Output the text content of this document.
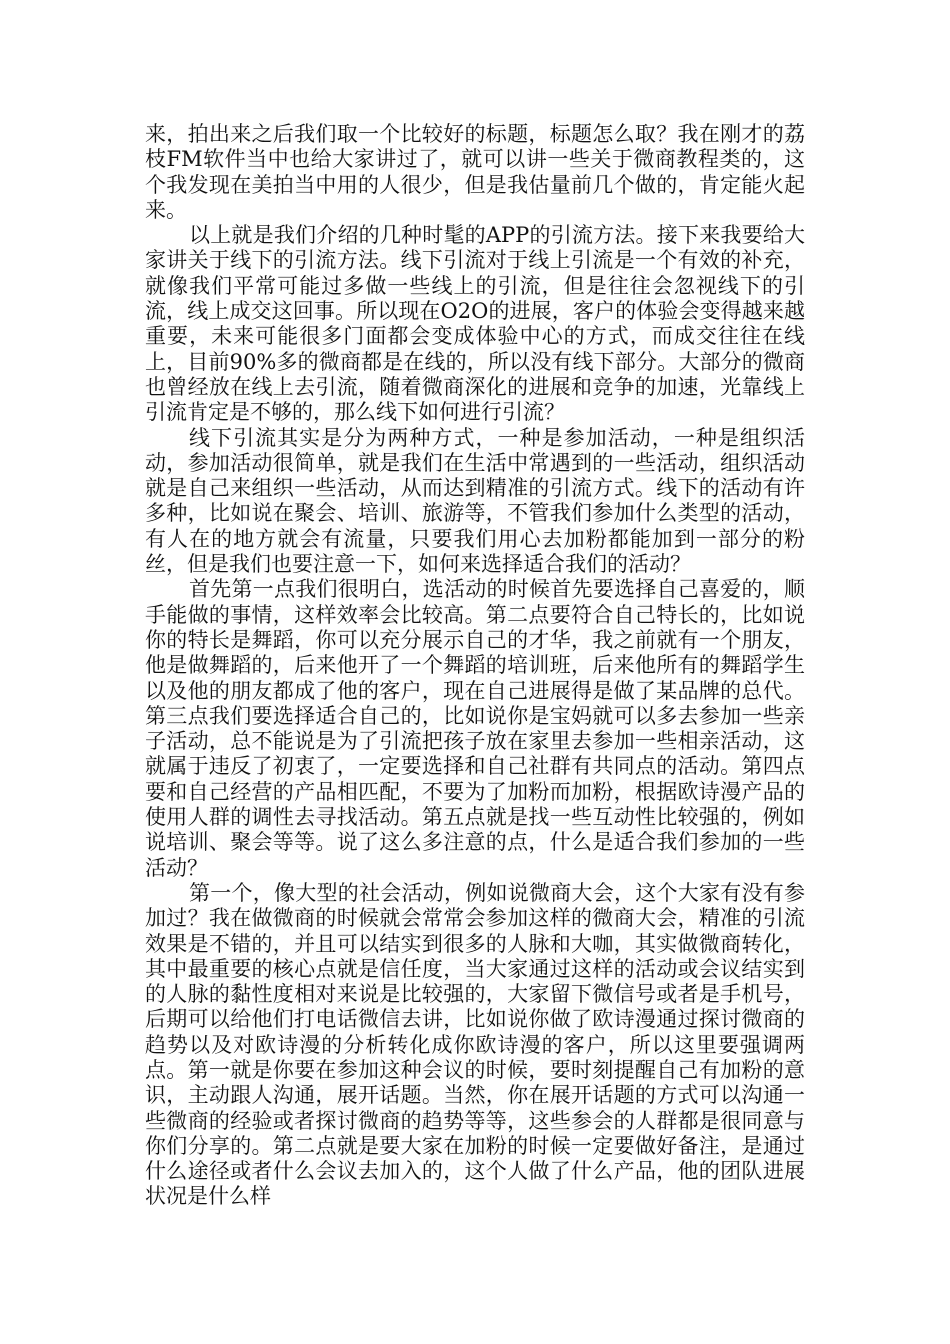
来，拍出来之后我们取一个比较好的标题，标题怎么取？我在刚才的荔枝FM软件当中也给大家讲过了，就可以讲一些关于微商教程类的，这个我发现在美拍当中用的人很少，但是我估量前几个做的，肯定能火起来。

以上就是我们介绍的几种时髦的APP的引流方法。接下来我要给大家讲关于线下的引流方法。线下引流对于线上引流是一个有效的补充，就像我们平常可能过多做一些线上的引流，但是往往会忽视线下的引流，线上成交这回事。所以现在O2O的进展，客户的体验会变得越来越重要，未来可能很多门面都会变成体验中心的方式，而成交往往在线上，目前90%多的微商都是在线的，所以没有线下部分。大部分的微商也曾经放在线上去引流，随着微商深化的进展和竞争的加速，光靠线上引流肯定是不够的，那么线下如何进行引流？

线下引流其实是分为两种方式，一种是参加活动，一种是组织活动，参加活动很简单，就是我们在生活中常遇到的一些活动，组织活动就是自己来组织一些活动，从而达到精准的引流方式。线下的活动有许多种，比如说在聚会、培训、旅游等，不管我们参加什么类型的活动，有人在的地方就会有流量，只要我们用心去加粉都能加到一部分的粉丝，但是我们也要注意一下，如何来选择适合我们的活动？

首先第一点我们很明白，选活动的时候首先要选择自己喜爱的，顺手能做的事情，这样效率会比较高。第二点要符合自己特长的，比如说你的特长是舞蹈，你可以充分展示自己的才华，我之前就有一个朋友，他是做舞蹈的，后来他开了一个舞蹈的培训班，后来他所有的舞蹈学生以及他的朋友都成了他的客户，现在自己进展得是做了某品牌的总代。第三点我们要选择适合自己的，比如说你是宝妈就可以多去参加一些亲子活动，总不能说是为了引流把孩子放在家里去参加一些相亲活动，这就属于违反了初衷了，一定要选择和自己社群有共同点的活动。第四点要和自己经营的产品相匹配，不要为了加粉而加粉，根据欧诗漫产品的使用人群的调性去寻找活动。第五点就是找一些互动性比较强的，例如说培训、聚会等等。说了这么多注意的点，什么是适合我们参加的一些活动？

第一个，像大型的社会活动，例如说微商大会，这个大家有没有参加过？我在做微商的时候就会常常会参加这样的微商大会，精准的引流效果是不错的，并且可以结实到很多的人脉和大咖，其实做微商转化，其中最重要的核心点就是信任度，当大家通过这样的活动或会议结实到的人脉的黏性度相对来说是比较强的，大家留下微信号或者是手机号，后期可以给他们打电话微信去讲，比如说你做了欧诗漫通过探讨微商的趋势以及对欧诗漫的分析转化成你欧诗漫的客户，所以这里要强调两点。第一就是你要在参加这种会议的时候，要时刻提醒自己有加粉的意识，主动跟人沟通，展开话题。当然，你在展开话题的方式可以沟通一些微商的经验或者探讨微商的趋势等等，这些参会的人群都是很同意与你们分享的。第二点就是要大家在加粉的时候一定要做好备注，是通过什么途径或者什么会议去加入的，这个人做了什么产品，他的团队进展状况是什么样
